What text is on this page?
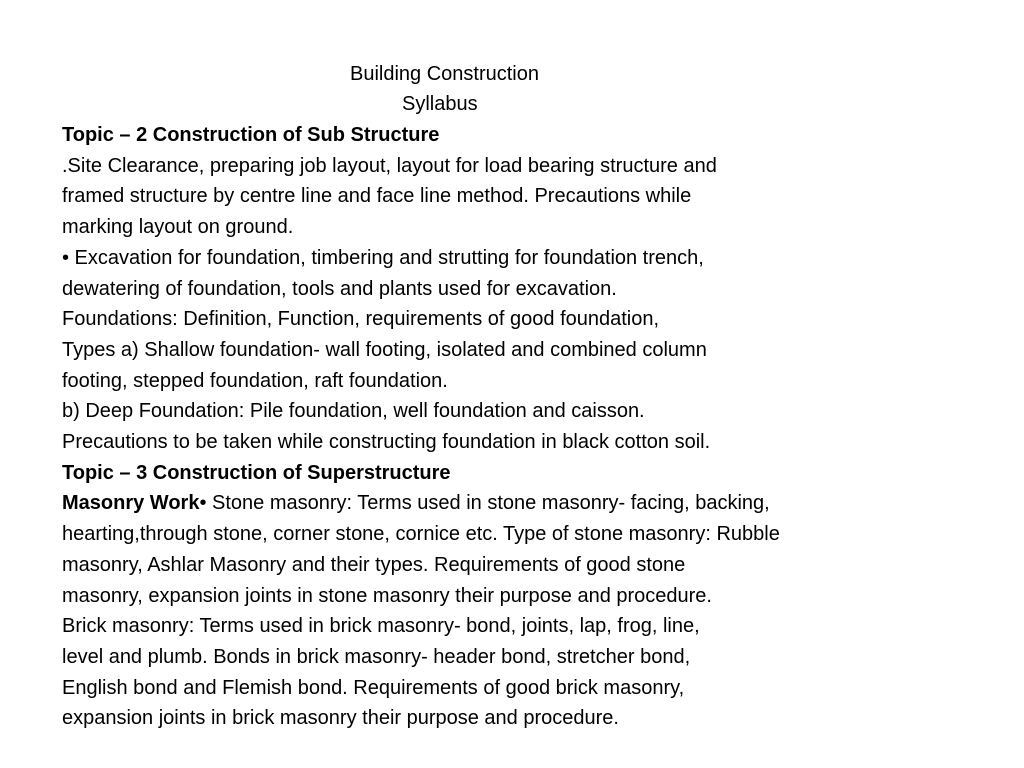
Building Construction
Syllabus
Topic – 2 Construction of Sub Structure
.Site Clearance, preparing job layout, layout for load bearing structure and
framed structure by centre line and face line method. Precautions while
marking layout on ground.
• Excavation for foundation, timbering and strutting for foundation trench,
dewatering of foundation, tools and plants used for excavation.
Foundations: Definition, Function, requirements of good foundation,
Types a) Shallow foundation- wall footing, isolated and combined column
footing, stepped foundation, raft foundation.
b) Deep Foundation: Pile foundation, well foundation and caisson.
Precautions to be taken while constructing foundation in black cotton soil.
Topic – 3 Construction of Superstructure
Masonry Work• Stone masonry: Terms used in stone masonry- facing, backing,
hearting,through stone, corner stone, cornice etc. Type of stone masonry: Rubble
masonry, Ashlar Masonry and their types. Requirements of good stone
masonry, expansion joints in stone masonry their purpose and procedure.
Brick masonry: Terms used in brick masonry- bond, joints, lap, frog, line,
level and plumb. Bonds in brick masonry- header bond, stretcher bond,
English bond and Flemish bond. Requirements of good brick masonry,
expansion joints in brick masonry their purpose and procedure.
